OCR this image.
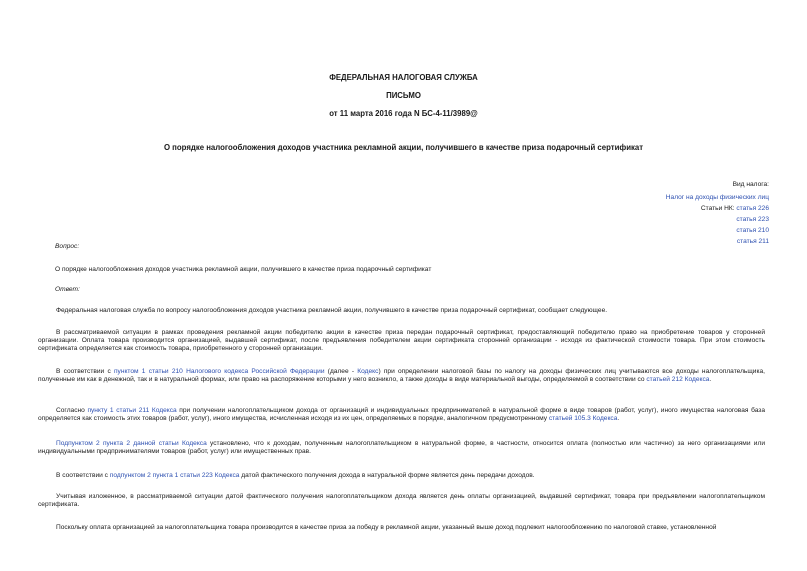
ФЕДЕРАЛЬНАЯ НАЛОГОВАЯ СЛУЖБА
ПИСЬМО
от 11 марта 2016 года N БС-4-11/3989@
О порядке налогообложения доходов участника рекламной акции, получившего в качестве приза подарочный сертификат
Вид налога:
Налог на доходы физических лиц
Статьи НК: статья 226
статья 223
статья 210
статья 211
Вопрос:
О порядке налогообложения доходов участника рекламной акции, получившего в качестве приза подарочный сертификат
Ответ:
Федеральная налоговая служба по вопросу налогообложения доходов участника рекламной акции, получившего в качестве приза подарочный сертификат, сообщает следующее.
В рассматриваемой ситуации в рамках проведения рекламной акции победителю акции в качестве приза передан подарочный сертификат, предоставляющий победителю право на приобретение товаров у сторонней организации. Оплата товара производится организацией, выдавшей сертификат, после предъявления победителем акции сертификата сторонней организации - исходя из фактической стоимости товара. При этом стоимость сертификата определяется как стоимость товара, приобретенного у сторонней организации.
В соответствии с пунктом 1 статьи 210 Налогового кодекса Российской Федерации (далее - Кодекс) при определении налоговой базы по налогу на доходы физических лиц учитываются все доходы налогоплательщика, полученные им как в денежной, так и в натуральной формах, или право на распоряжение которыми у него возникло, а также доходы в виде материальной выгоды, определяемой в соответствии со статьей 212 Кодекса.
Согласно пункту 1 статьи 211 Кодекса при получении налогоплательщиком дохода от организаций и индивидуальных предпринимателей в натуральной форме в виде товаров (работ, услуг), иного имущества налоговая база определяется как стоимость этих товаров (работ, услуг), иного имущества, исчисленная исходя из их цен, определяемых в порядке, аналогичном предусмотренному статьей 105.3 Кодекса.
Подпунктом 2 пункта 2 данной статьи Кодекса установлено, что к доходам, полученным налогоплательщиком в натуральной форме, в частности, относится оплата (полностью или частично) за него организациями или индивидуальными предпринимателями товаров (работ, услуг) или имущественных прав.
В соответствии с подпунктом 2 пункта 1 статьи 223 Кодекса датой фактического получения дохода в натуральной форме является день передачи доходов.
Учитывая изложенное, в рассматриваемой ситуации датой фактического получения налогоплательщиком дохода является день оплаты организацией, выдавшей сертификат, товара при предъявлении налогоплательщиком сертификата.
Поскольку оплата организацией за налогоплательщика товара производится в качестве приза за победу в рекламной акции, указанный выше доход подлежит налогообложению по налоговой ставке, установленной
